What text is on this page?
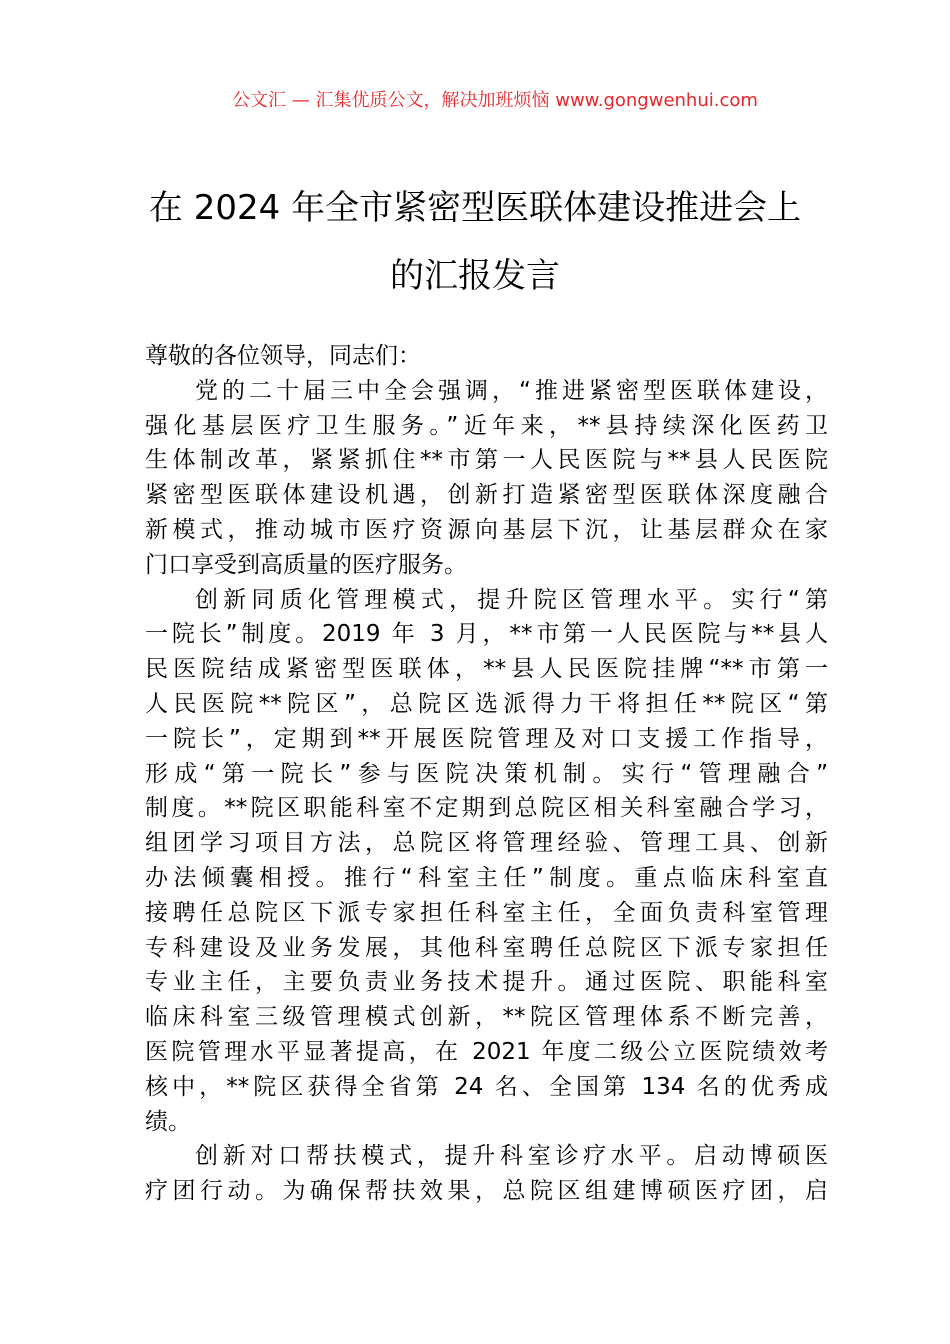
公文汇 — 汇集优质公文，解决加班烦恼 www.gongwenhui.com
在 2024 年全市紧密型医联体建设推进会上
的汇报发言
尊敬的各位领导，同志们：
党的二十届三中全会强调，“推进紧密型医联体建设，
强化基层医疗卫生服务。”近年来，**县持续深化医药卫
生体制改革，紧紧抓住**市第一人民医院与**县人民医院
紧密型医联体建设机遇，创新打造紧密型医联体深度融合
新模式，推动城市医疗资源向基层下沉，让基层群众在家
门口享受到高质量的医疗服务。
创新同质化管理模式，提升院区管理水平。实行“第
一院长”制度。2019 年 3 月，**市第一人民医院与**县人
民医院结成紧密型医联体，**县人民医院挂牌“**市第一
人民医院**院区”，总院区选派得力干将担任**院区“第
一院长”，定期到**开展医院管理及对口支援工作指导，
形成“第一院长”参与医院决策机制。实行“管理融合”
制度。**院区职能科室不定期到总院区相关科室融合学习，
组团学习项目方法，总院区将管理经验、管理工具、创新
办法倾囊相授。推行“科室主任”制度。重点临床科室直
接聘任总院区下派专家担任科室主任，全面负责科室管理
专科建设及业务发展，其他科室聘任总院区下派专家担任
专业主任，主要负责业务技术提升。通过医院、职能科室
临床科室三级管理模式创新，**院区管理体系不断完善，
医院管理水平显著提高，在 2021 年度二级公立医院绩效考
核中，**院区获得全省第 24 名、全国第 134 名的优秀成
绩。
创新对口帮扶模式，提升科室诊疗水平。启动博硕医
疗团行动。为确保帮扶效果，总院区组建博硕医疗团，启
